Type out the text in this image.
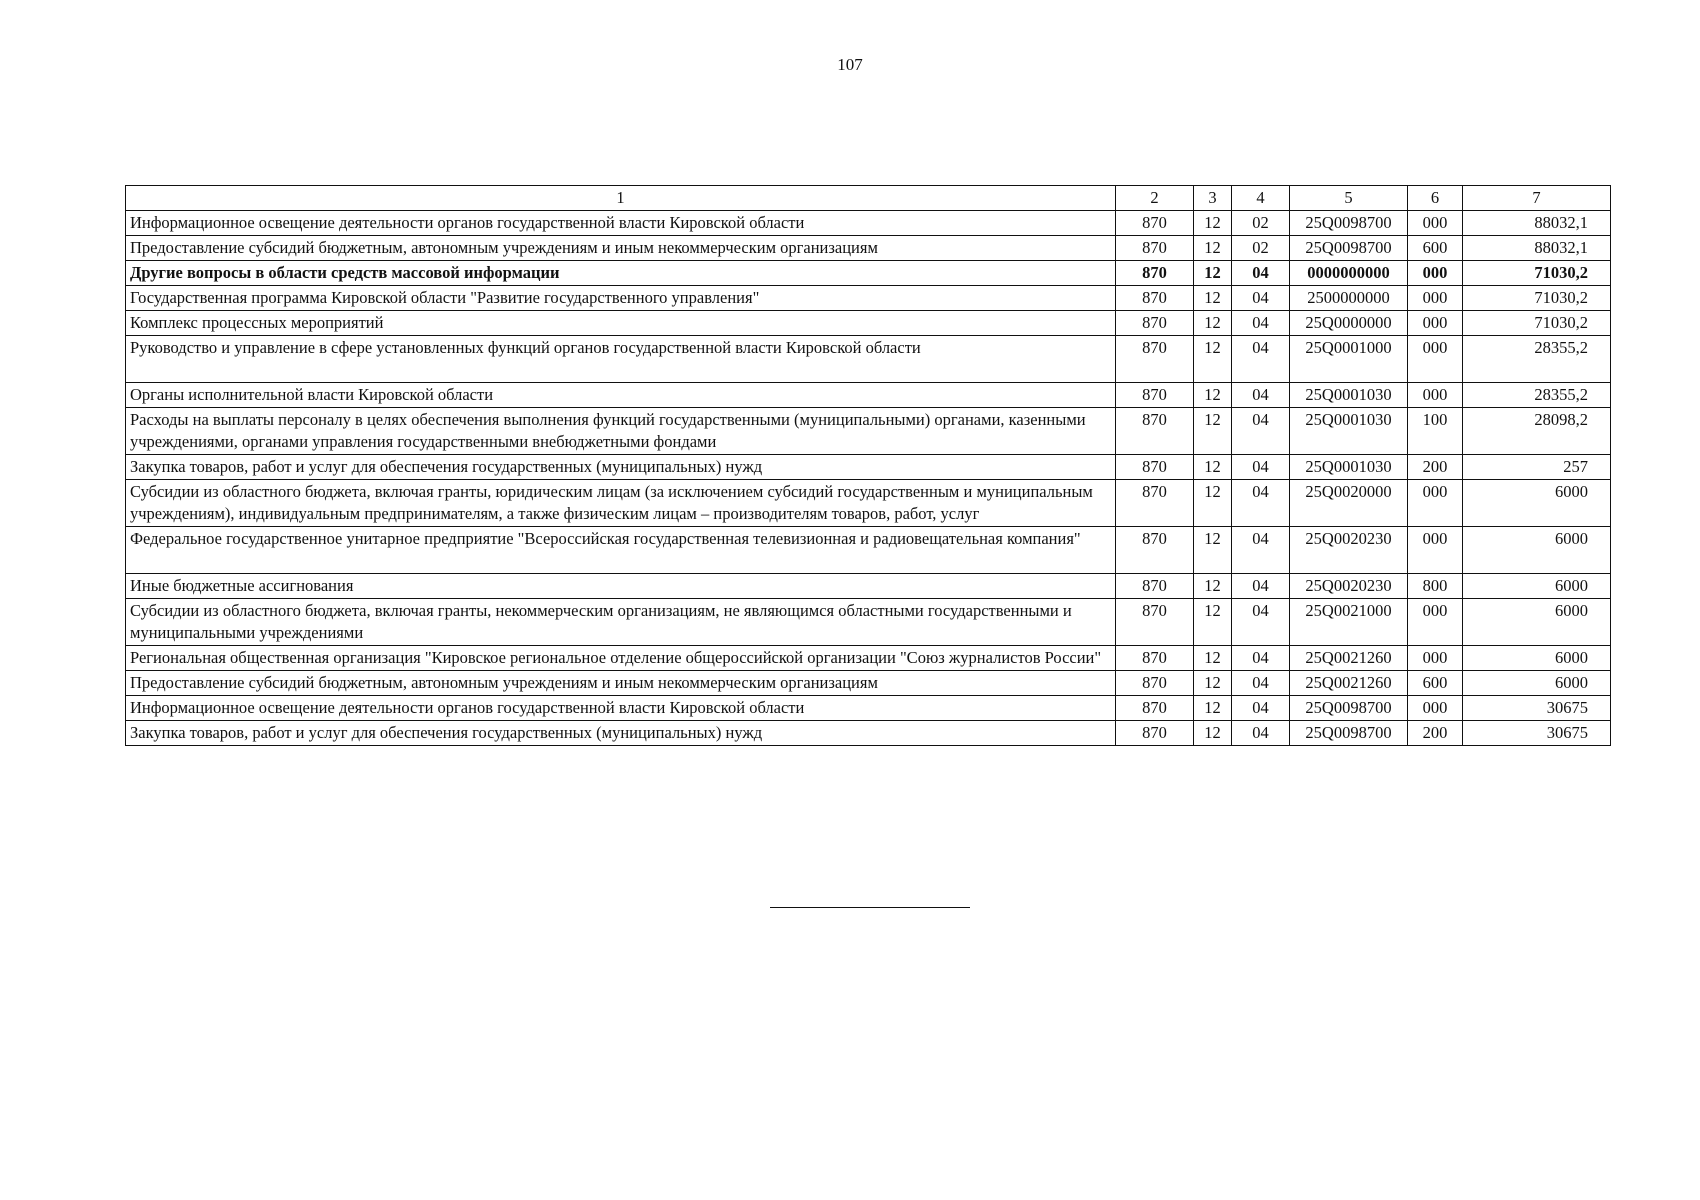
107
1	2	3	4	5	6	7
Информационное освещение деятельности органов государственной власти Кировской области	870	12	02	25Q0098700	000	88032,1
Предоставление субсидий бюджетным, автономным учреждениям и иным некоммерческим организациям	870	12	02	25Q0098700	600	88032,1
Другие вопросы в области средств массовой информации	870	12	04	0000000000	000	71030,2
Государственная программа Кировской области "Развитие государственного управления"	870	12	04	2500000000	000	71030,2
Комплекс процессных мероприятий	870	12	04	25Q0000000	000	71030,2
Руководство и управление в сфере установленных функций органов государственной власти Кировской области	870	12	04	25Q0001000	000	28355,2
Органы исполнительной власти Кировской области	870	12	04	25Q0001030	000	28355,2
Расходы на выплаты персоналу в целях обеспечения выполнения функций государственными (муниципальными) органами, казенными учреждениями, органами управления государственными внебюджетными фондами	870	12	04	25Q0001030	100	28098,2
Закупка товаров, работ и услуг для обеспечения государственных (муниципальных) нужд	870	12	04	25Q0001030	200	257
Субсидии из областного бюджета, включая гранты, юридическим лицам (за исключением субсидий государственным и муниципальным учреждениям), индивидуальным предпринимателям, а также физическим лицам – производителям товаров, работ, услуг	870	12	04	25Q0020000	000	6000
Федеральное государственное унитарное предприятие "Всероссийская государственная телевизионная и радиовещательная компания"	870	12	04	25Q0020230	000	6000
Иные бюджетные ассигнования	870	12	04	25Q0020230	800	6000
Субсидии из областного бюджета, включая гранты, некоммерческим организациям, не являющимся областными государственными и муниципальными учреждениями	870	12	04	25Q0021000	000	6000
Региональная общественная организация "Кировское региональное отделение общероссийской организации "Союз журналистов России"	870	12	04	25Q0021260	000	6000
Предоставление субсидий бюджетным, автономным учреждениям и иным некоммерческим организациям	870	12	04	25Q0021260	600	6000
Информационное освещение деятельности органов государственной власти Кировской области	870	12	04	25Q0098700	000	30675
Закупка товаров, работ и услуг для обеспечения государственных (муниципальных) нужд	870	12	04	25Q0098700	200	30675
